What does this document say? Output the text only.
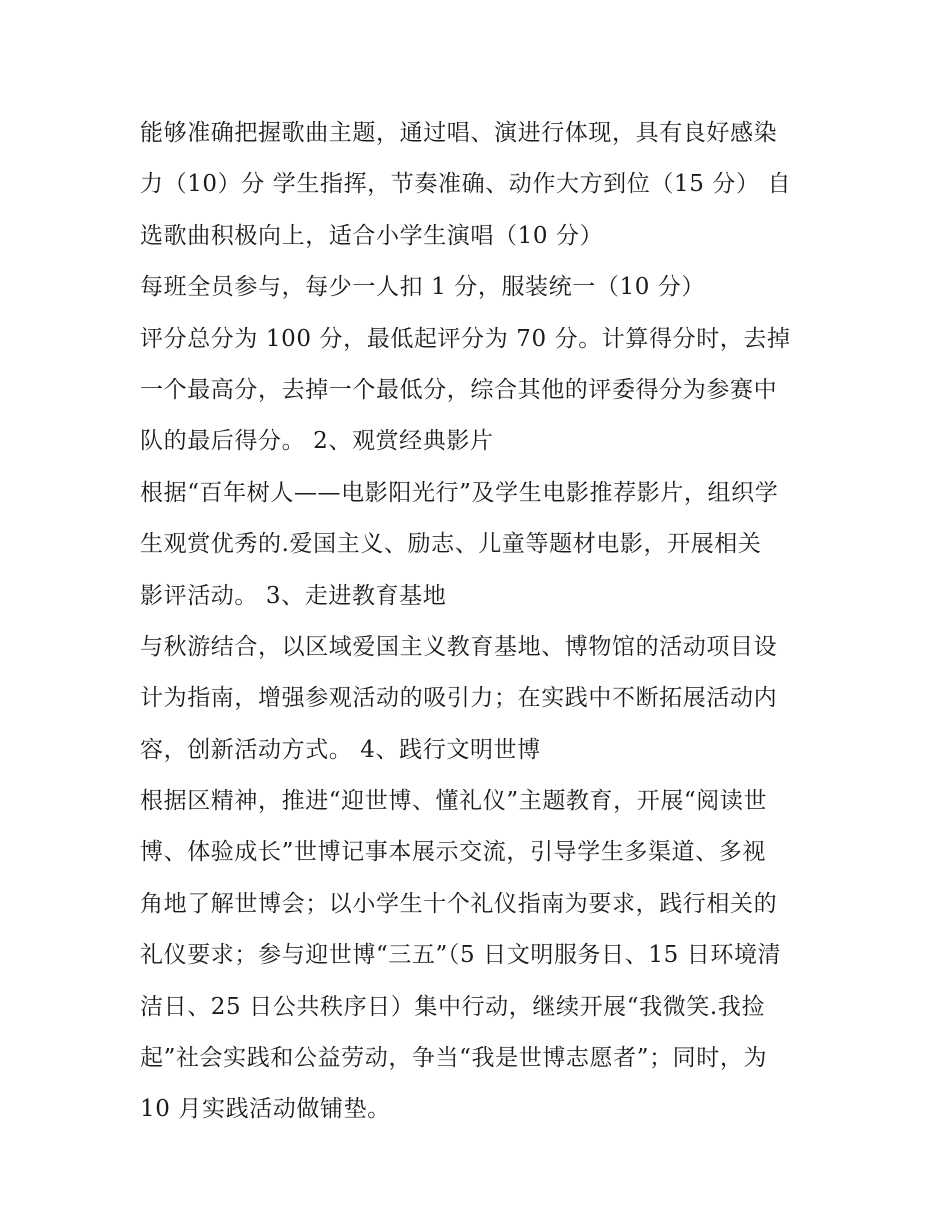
能够准确把握歌曲主题，通过唱、演进行体现，具有良好感染
力（10）分 学生指挥，节奏准确、动作大方到位（15 分） 自
选歌曲积极向上，适合小学生演唱（10 分）
每班全员参与，每少一人扣 1 分，服装统一（10 分）
评分总分为 100 分，最低起评分为 70 分。计算得分时，去掉
一个最高分，去掉一个最低分，综合其他的评委得分为参赛中
队的最后得分。 2、观赏经典影片
根据“百年树人——电影阳光行”及学生电影推荐影片，组织学
生观赏优秀的.爱国主义、励志、儿童等题材电影，开展相关
影评活动。 3、走进教育基地
与秋游结合，以区域爱国主义教育基地、博物馆的活动项目设
计为指南，增强参观活动的吸引力；在实践中不断拓展活动内
容，创新活动方式。 4、践行文明世博
根据区精神，推进“迎世博、懂礼仪”主题教育，开展“阅读世
博、体验成长”世博记事本展示交流，引导学生多渠道、多视
角地了解世博会；以小学生十个礼仪指南为要求，践行相关的
礼仪要求；参与迎世博“三五”（5 日文明服务日、15 日环境清
洁日、25 日公共秩序日）集中行动，继续开展“我微笑.我捡
起”社会实践和公益劳动，争当“我是世博志愿者”；同时，为
10 月实践活动做铺垫。
